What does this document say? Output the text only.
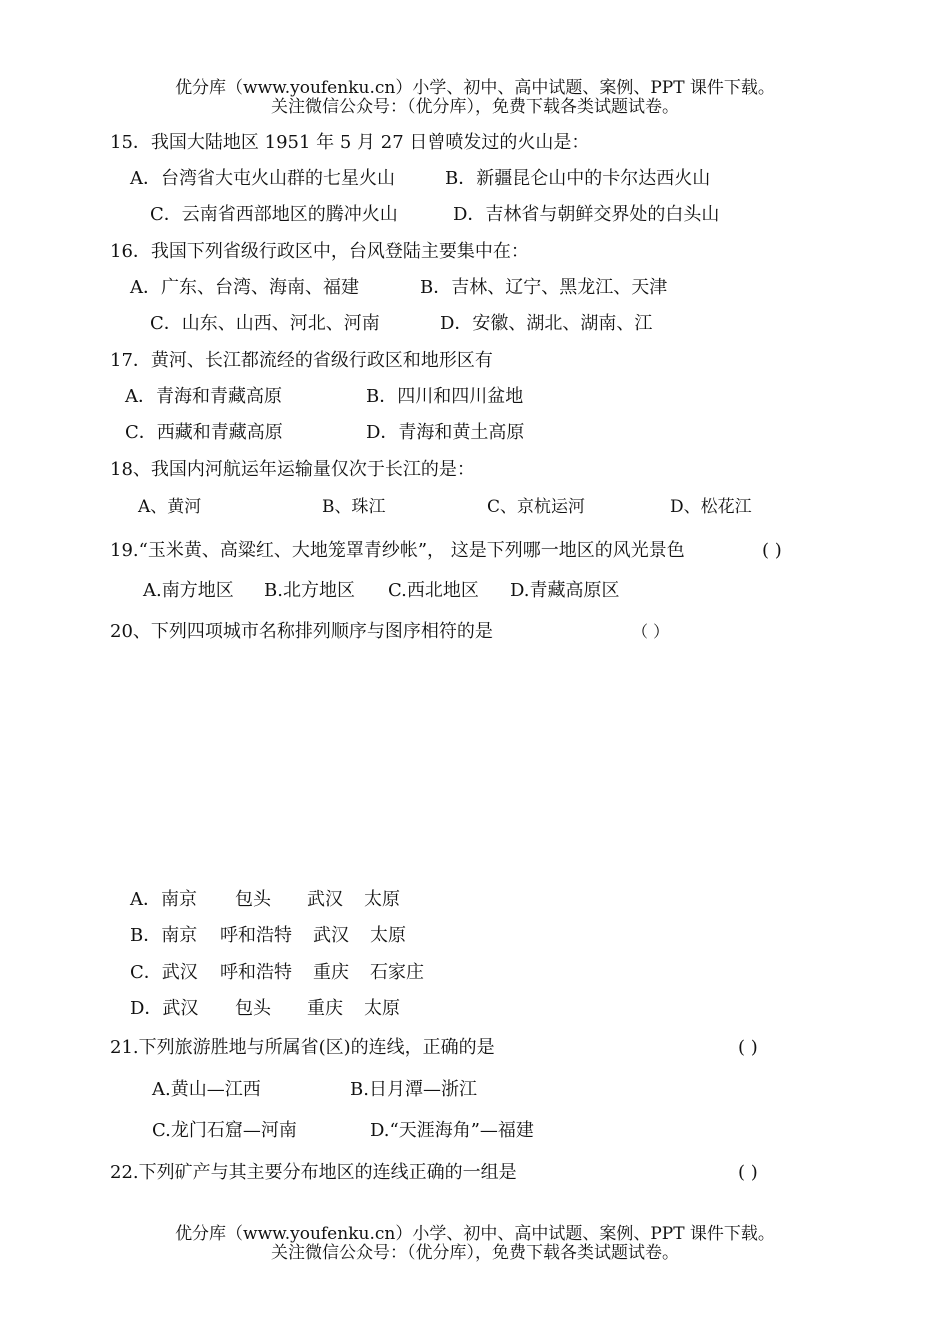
优分库（www.youfenku.cn）小学、初中、高中试题、案例、PPT 课件下载。
关注微信公众号：（优分库），免费下载各类试题试卷。
15．我国大陆地区 1951 年 5 月 27 日曾喷发过的火山是：
A．台湾省大屯火山群的七星火山	B．新疆昆仑山中的卡尔达西火山
C．云南省西部地区的腾冲火山	D．吉林省与朝鲜交界处的白头山
16．我国下列省级行政区中，台风登陆主要集中在：
A．广东、台湾、海南、福建	B．吉林、辽宁、黑龙江、天津
C．山东、山西、河北、河南	D．安徽、湖北、湖南、江
17．黄河、长江都流经的省级行政区和地形区有
A．青海和青藏高原	B．四川和四川盆地
C．西藏和青藏高原	D．青海和黄土高原
18、我国内河航运年运输量仅次于长江的是：
A、黄河	B、珠江	C、京杭运河	D、松花江
19.“玉米黄、高粱红、大地笼罩青纱帐”， 这是下列哪一地区的风光景色	( )
A.南方地区 B.北方地区 C.西北地区 D.青藏高原区
20、下列四项城市名称排列顺序与图序相符的是	（ ）
A．南京 包头 武汉 太原
B．南京 呼和浩特 武汉 太原
C．武汉 呼和浩特 重庆 石家庄
D．武汉 包头 重庆 太原
21.下列旅游胜地与所属省(区)的连线，正确的是	( )
A.黄山—江西	B.日月潭—浙江
C.龙门石窟—河南	D.“天涯海角”—福建
22.下列矿产与其主要分布地区的连线正确的一组是	( )
优分库（www.youfenku.cn）小学、初中、高中试题、案例、PPT 课件下载。
关注微信公众号：（优分库），免费下载各类试题试卷。
